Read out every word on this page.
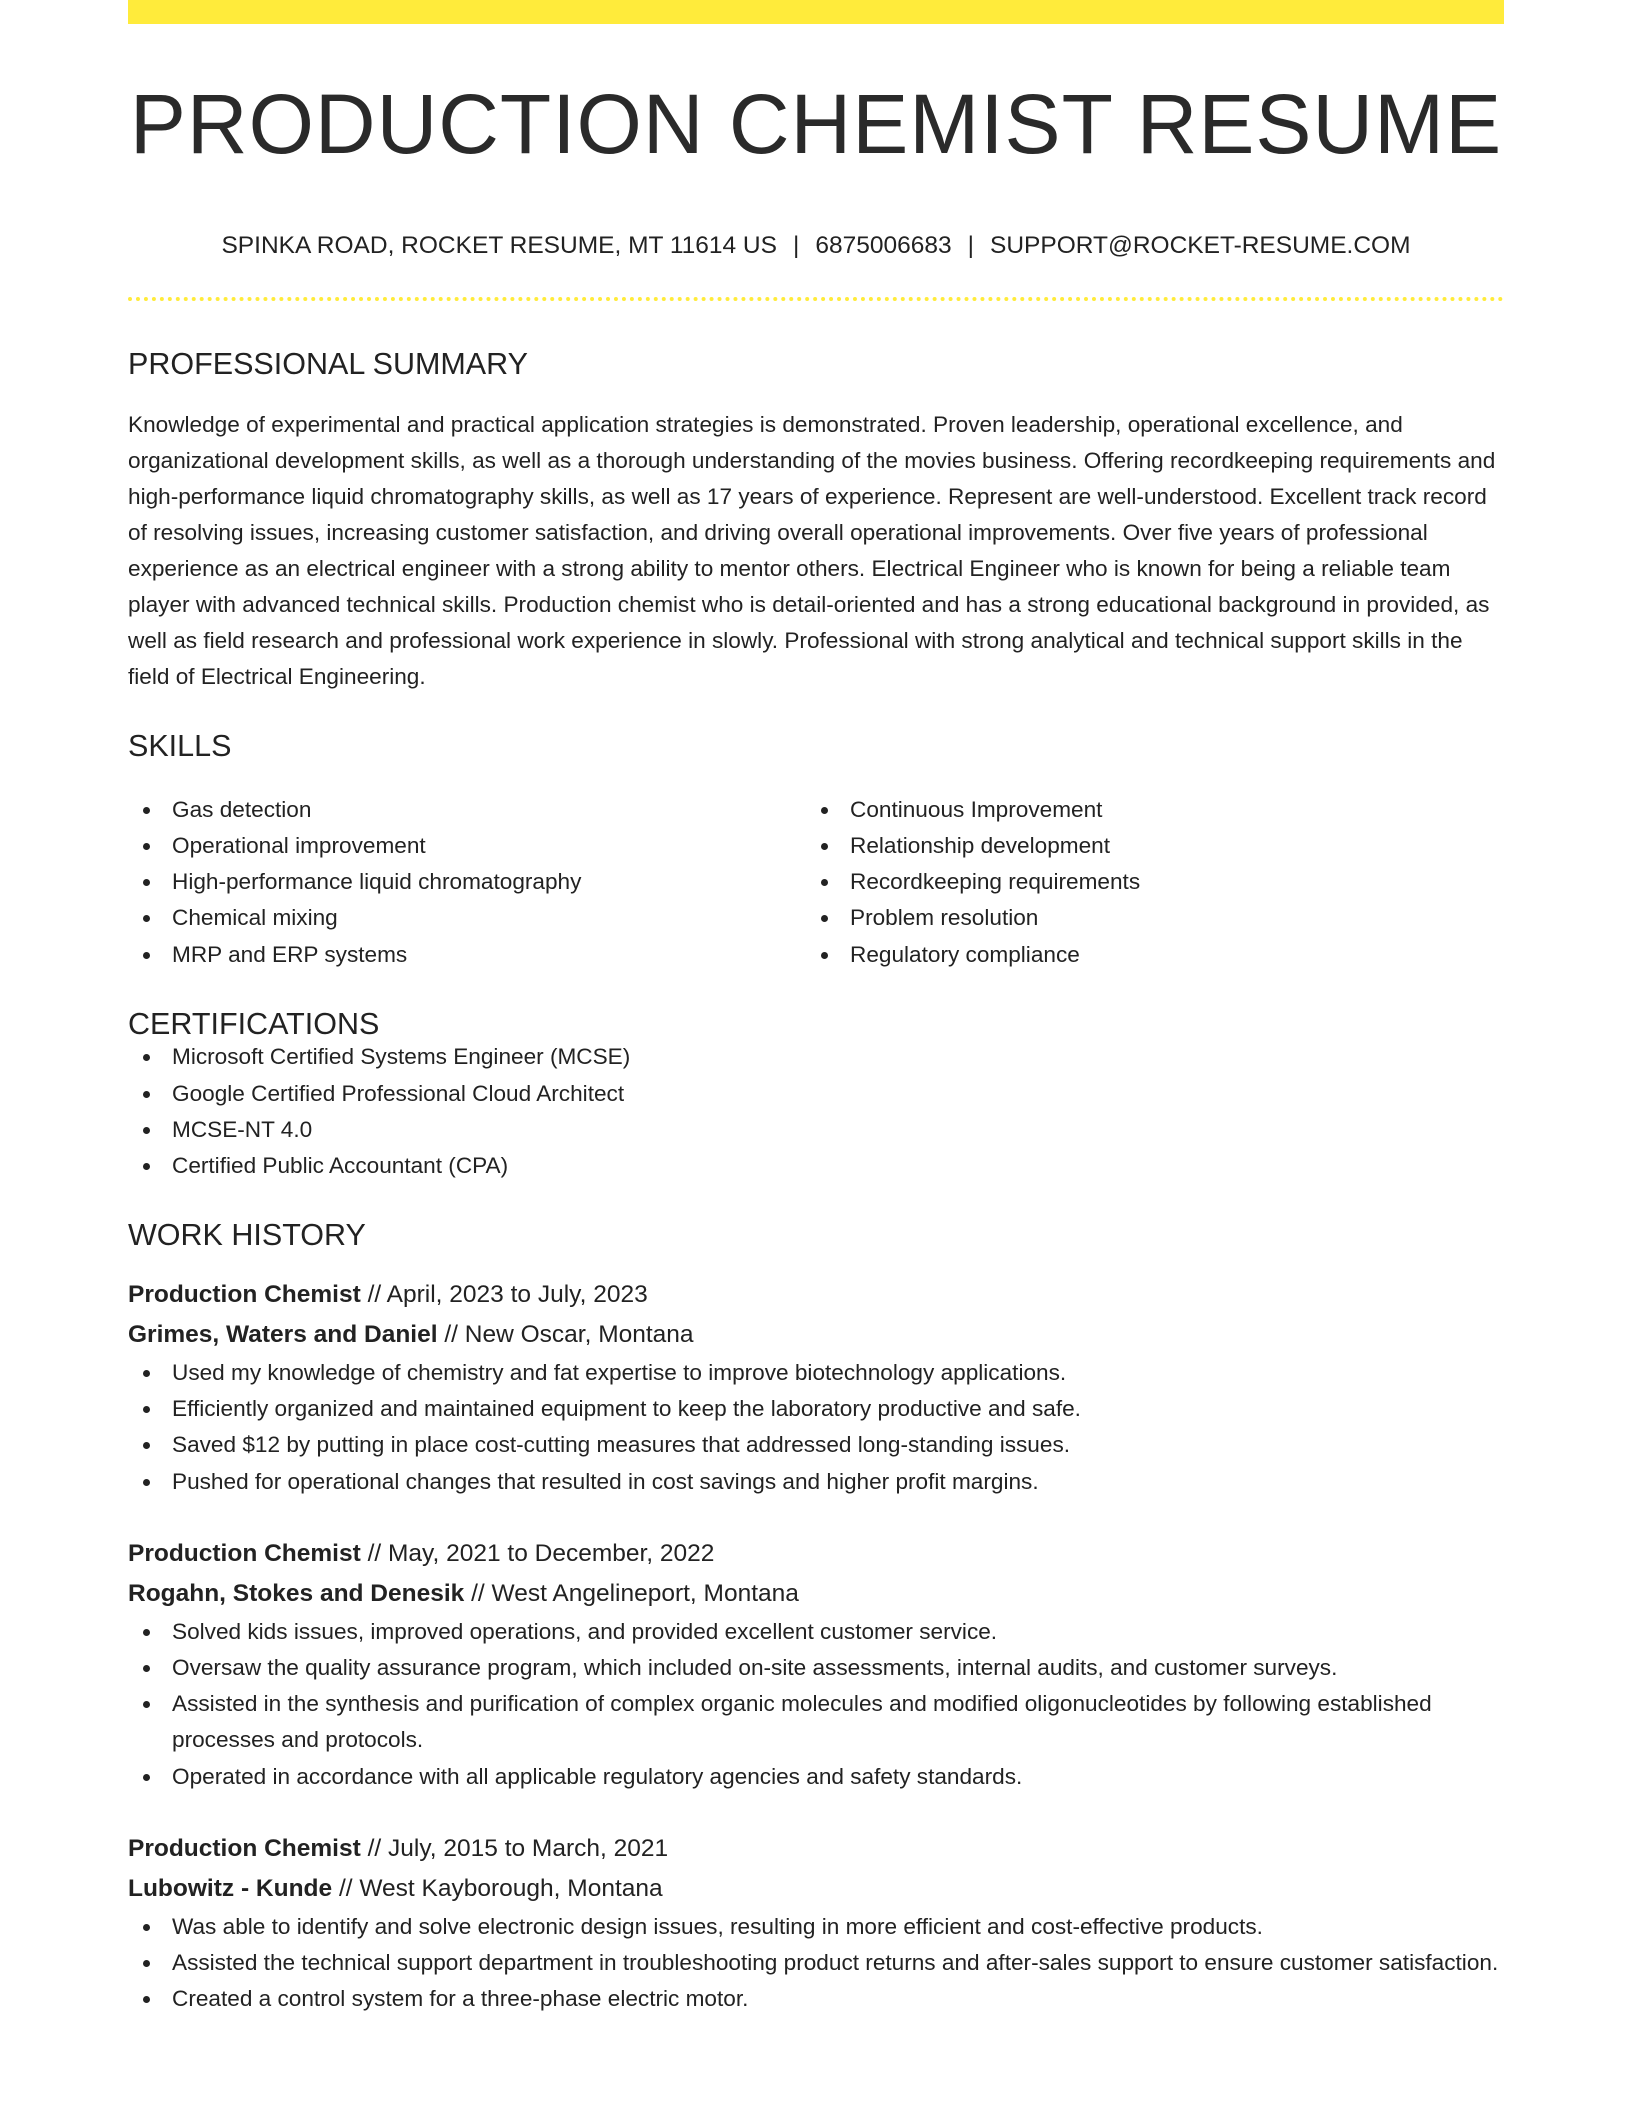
PRODUCTION CHEMIST RESUME
SPINKA ROAD, ROCKET RESUME, MT 11614 US | 6875006683 | SUPPORT@ROCKET-RESUME.COM
PROFESSIONAL SUMMARY
Knowledge of experimental and practical application strategies is demonstrated. Proven leadership, operational excellence, and organizational development skills, as well as a thorough understanding of the movies business. Offering recordkeeping requirements and high-performance liquid chromatography skills, as well as 17 years of experience. Represent are well-understood. Excellent track record of resolving issues, increasing customer satisfaction, and driving overall operational improvements. Over five years of professional experience as an electrical engineer with a strong ability to mentor others. Electrical Engineer who is known for being a reliable team player with advanced technical skills. Production chemist who is detail-oriented and has a strong educational background in provided, as well as field research and professional work experience in slowly. Professional with strong analytical and technical support skills in the field of Electrical Engineering.
SKILLS
Gas detection
Operational improvement
High-performance liquid chromatography
Chemical mixing
MRP and ERP systems
Continuous Improvement
Relationship development
Recordkeeping requirements
Problem resolution
Regulatory compliance
CERTIFICATIONS
Microsoft Certified Systems Engineer (MCSE)
Google Certified Professional Cloud Architect
MCSE-NT 4.0
Certified Public Accountant (CPA)
WORK HISTORY
Production Chemist // April, 2023 to July, 2023
Grimes, Waters and Daniel // New Oscar, Montana
Used my knowledge of chemistry and fat expertise to improve biotechnology applications.
Efficiently organized and maintained equipment to keep the laboratory productive and safe.
Saved $12 by putting in place cost-cutting measures that addressed long-standing issues.
Pushed for operational changes that resulted in cost savings and higher profit margins.
Production Chemist // May, 2021 to December, 2022
Rogahn, Stokes and Denesik // West Angelineport, Montana
Solved kids issues, improved operations, and provided excellent customer service.
Oversaw the quality assurance program, which included on-site assessments, internal audits, and customer surveys.
Assisted in the synthesis and purification of complex organic molecules and modified oligonucleotides by following established processes and protocols.
Operated in accordance with all applicable regulatory agencies and safety standards.
Production Chemist // July, 2015 to March, 2021
Lubowitz - Kunde // West Kayborough, Montana
Was able to identify and solve electronic design issues, resulting in more efficient and cost-effective products.
Assisted the technical support department in troubleshooting product returns and after-sales support to ensure customer satisfaction.
Created a control system for a three-phase electric motor.
